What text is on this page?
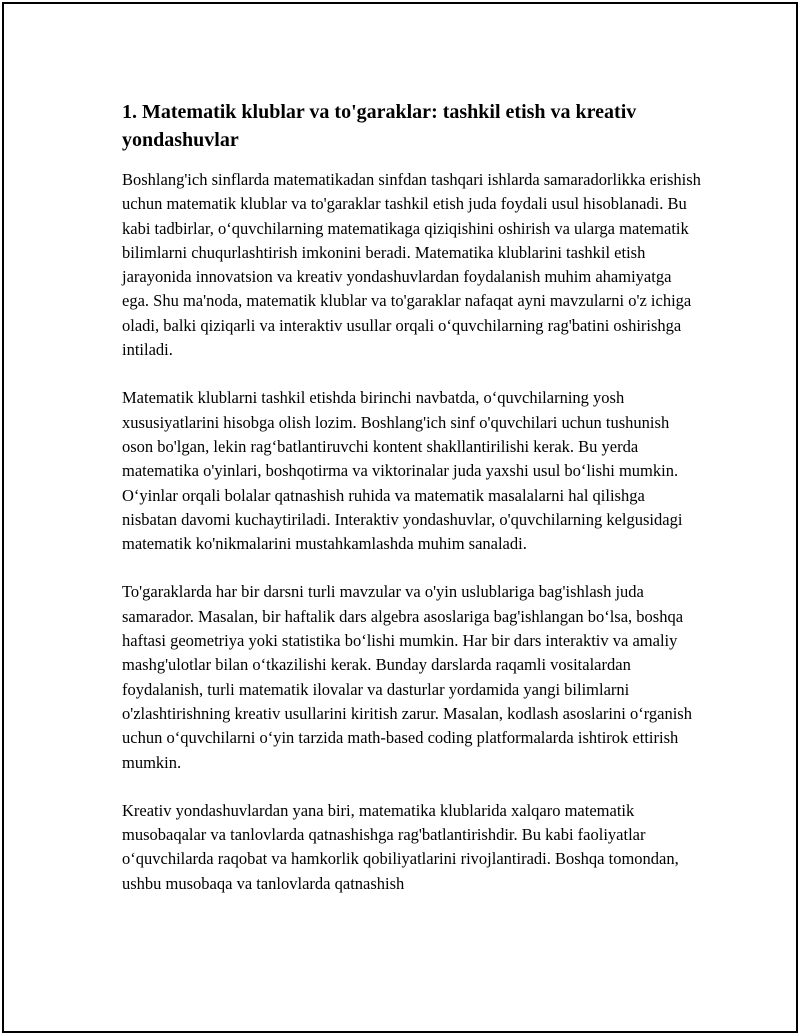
1. Matematik klublar va to'garaklar: tashkil etish va kreativ yondashuvlar

Boshlang'ich sinflarda matematikadan sinfdan tashqari ishlarda samaradorlikka erishish uchun matematik klublar va to'garaklar tashkil etish juda foydali usul hisoblanadi. Bu kabi tadbirlar, o‘quvchilarning matematikaga qiziqishini oshirish va ularga matematik bilimlarni chuqurlashtirish imkonini beradi. Matematika klublarini tashkil etish jarayonida innovatsion va kreativ yondashuvlardan foydalanish muhim ahamiyatga ega. Shu ma'noda, matematik klublar va to'garaklar nafaqat ayni mavzularni o'z ichiga oladi, balki qiziqarli va interaktiv usullar orqali o‘quvchilarning rag'batini oshirishga intiladi.

Matematik klublarni tashkil etishda birinchi navbatda, o‘quvchilarning yosh xususiyatlarini hisobga olish lozim. Boshlang'ich sinf o'quvchilari uchun tushunish oson bo'lgan, lekin rag‘batlantiruvchi kontent shakllantirilishi kerak. Bu yerda matematika o'yinlari, boshqotirma va viktorinalar juda yaxshi usul bo‘lishi mumkin. O‘yinlar orqali bolalar qatnashish ruhida va matematik masalalarni hal qilishga nisbatan davomi kuchaytiriladi. Interaktiv yondashuvlar, o'quvchilarning kelgusidagi matematik ko'nikmalarini mustahkamlashda muhim sanaladi.

To'garaklarda har bir darsni turli mavzular va o'yin uslublariga bag'ishlash juda samarador. Masalan, bir haftalik dars algebra asoslariga bag'ishlangan bo‘lsa, boshqa haftasi geometriya yoki statistika bo‘lishi mumkin. Har bir dars interaktiv va amaliy mashg'ulotlar bilan o‘tkazilishi kerak. Bunday darslarda raqamli vositalardan foydalanish, turli matematik ilovalar va dasturlar yordamida yangi bilimlarni o'zlashtirishning kreativ usullarini kiritish zarur. Masalan, kodlash asoslarini o‘rganish uchun o‘quvchilarni o‘yin tarzida math-based coding platformalarda ishtirok ettirish mumkin.

Kreativ yondashuvlardan yana biri, matematika klublarida xalqaro matematik musobaqalar va tanlovlarda qatnashishga rag'batlantirishdir. Bu kabi faoliyatlar o‘quvchilarda raqobat va hamkorlik qobiliyatlarini rivojlantiradi. Boshqa tomondan, ushbu musobaqa va tanlovlarda qatnashish
